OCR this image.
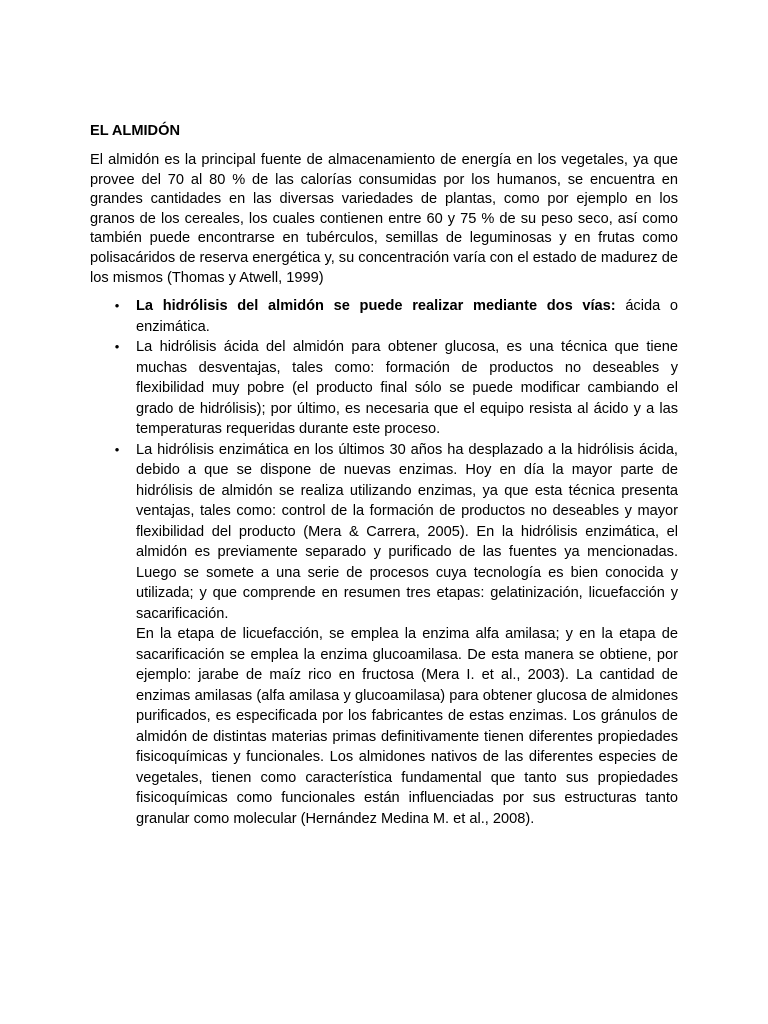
EL ALMIDÓN

El almidón es la principal fuente de almacenamiento de energía en los vegetales, ya que provee del 70 al 80 % de las calorías consumidas por los humanos, se encuentra en grandes cantidades en las diversas variedades de plantas, como por ejemplo en los granos de los cereales, los cuales contienen entre 60 y 75 % de su peso seco, así como también puede encontrarse en tubérculos, semillas de leguminosas y en frutas como polisacáridos de reserva energética y, su concentración varía con el estado de madurez de los mismos (Thomas y Atwell, 1999)

• La hidrólisis del almidón se puede realizar mediante dos vías: ácida o enzimática.
• La hidrólisis ácida del almidón para obtener glucosa, es una técnica que tiene muchas desventajas, tales como: formación de productos no deseables y flexibilidad muy pobre (el producto final sólo se puede modificar cambiando el grado de hidrólisis); por último, es necesaria que el equipo resista al ácido y a las temperaturas requeridas durante este proceso.
• La hidrólisis enzimática en los últimos 30 años ha desplazado a la hidrólisis ácida, debido a que se dispone de nuevas enzimas. Hoy en día la mayor parte de hidrólisis de almidón se realiza utilizando enzimas, ya que esta técnica presenta ventajas, tales como: control de la formación de productos no deseables y mayor flexibilidad del producto (Mera & Carrera, 2005). En la hidrólisis enzimática, el almidón es previamente separado y purificado de las fuentes ya mencionadas. Luego se somete a una serie de procesos cuya tecnología es bien conocida y utilizada; y que comprende en resumen tres etapas: gelatinización, licuefacción y sacarificación.

En la etapa de licuefacción, se emplea la enzima alfa amilasa; y en la etapa de sacarificación se emplea la enzima glucoamilasa. De esta manera se obtiene, por ejemplo: jarabe de maíz rico en fructosa (Mera I. et al., 2003). La cantidad de enzimas amilasas (alfa amilasa y glucoamilasa) para obtener glucosa de almidones purificados, es especificada por los fabricantes de estas enzimas. Los gránulos de almidón de distintas materias primas definitivamente tienen diferentes propiedades fisicoquímicas y funcionales. Los almidones nativos de las diferentes especies de vegetales, tienen como característica fundamental que tanto sus propiedades fisicoquímicas como funcionales están influenciadas por sus estructuras tanto granular como molecular (Hernández Medina M. et al., 2008).
